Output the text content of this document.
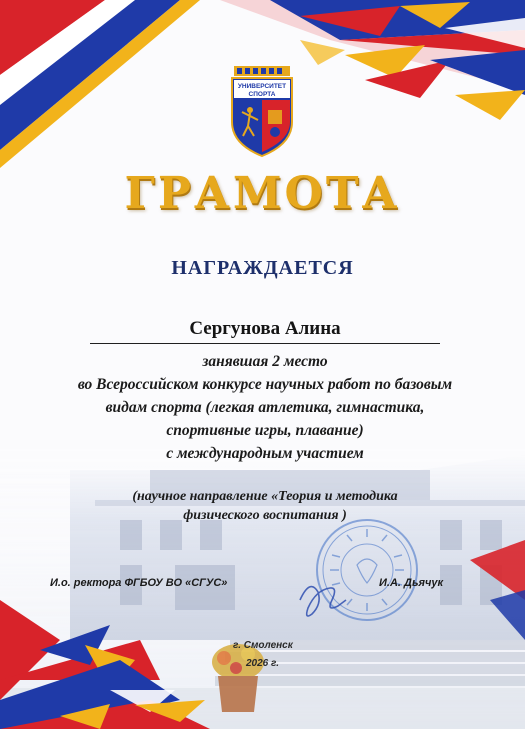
УНИВЕРСИТЕТ
СПОРТА
ГРАМОТА
НАГРАЖДАЕТСЯ
Сергунова Алина
занявшая 2 место
во Всероссийском конкурсе научных работ по базовым
видам спорта (легкая атлетика, гимнастика,
спортивные игры, плавание)
с международным участием
(научное направление «Теория и методика
физического воспитания )
И.о. ректора ФГБОУ ВО «СГУС»	И.А. Дьячук
г. Смоленск
2026 г.
